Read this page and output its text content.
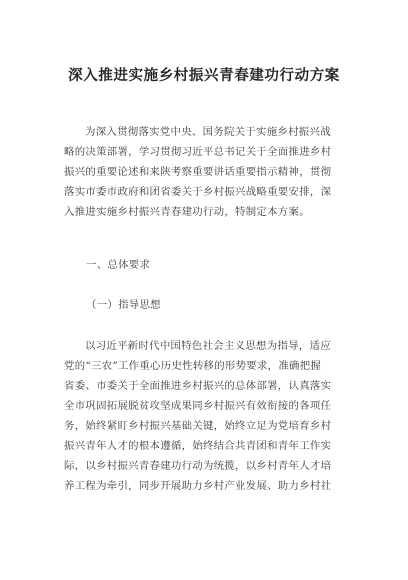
深入推进实施乡村振兴青春建功行动方案

为深入贯彻落实党中央、国务院关于实施乡村振兴战
略的决策部署，学习贯彻习近平总书记关于全面推进乡村
振兴的重要论述和来陕考察重要讲话重要指示精神，贯彻
落实市委市政府和团省委关于乡村振兴战略重要安排，深
入推进实施乡村振兴青春建功行动，特制定本方案。

一、总体要求
（一）指导思想

以习近平新时代中国特色社会主义思想为指导，适应
党的“三农”工作重心历史性转移的形势要求，准确把握
省委、市委关于全面推进乡村振兴的总体部署，认真落实
全市巩固拓展脱贫攻坚成果同乡村振兴有效衔接的各项任
务，始终紧盯乡村振兴基础关键，始终立足为党培育乡村
振兴青年人才的根本遵循，始终结合共青团和青年工作实
际，以乡村振兴青春建功行动为统揽，以乡村青年人才培
养工程为牵引，同步开展助力乡村产业发展、助力乡村社
